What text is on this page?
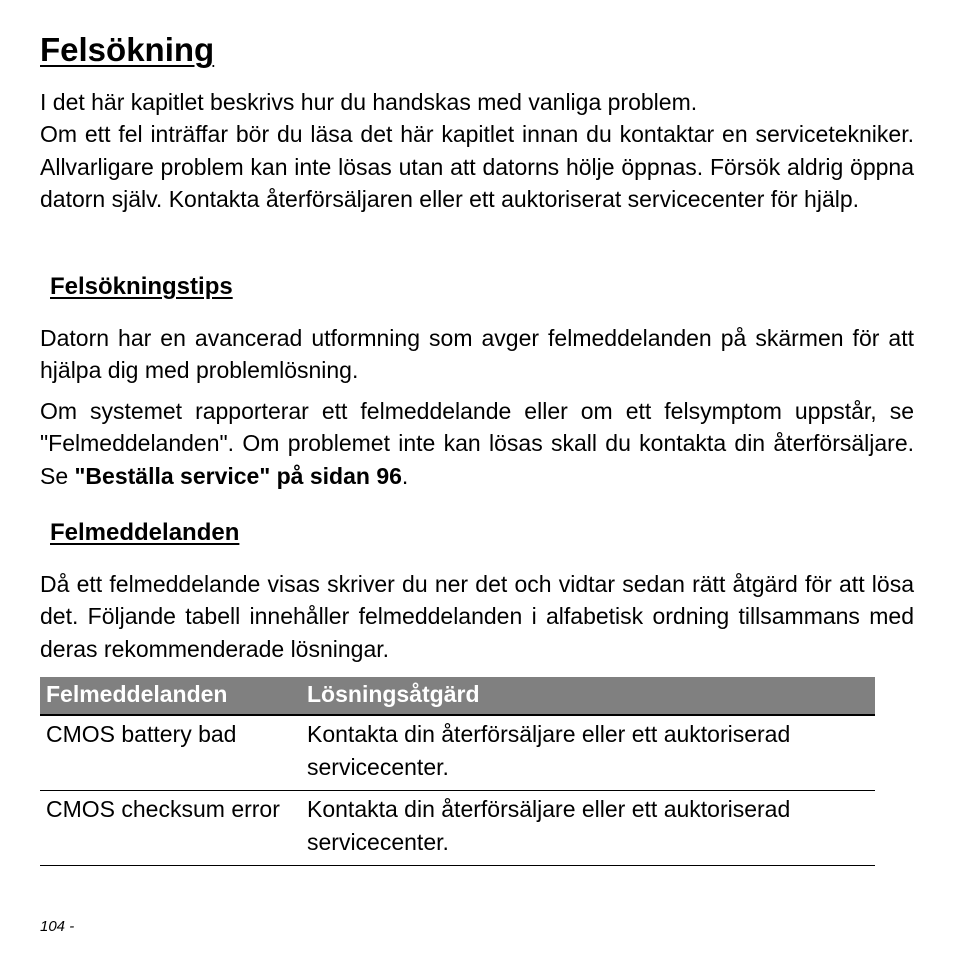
Felsökning

I det här kapitlet beskrivs hur du handskas med vanliga problem.
Om ett fel inträffar bör du läsa det här kapitlet innan du kontaktar en servicetekniker. Allvarligare problem kan inte lösas utan att datorns hölje öppnas. Försök aldrig öppna datorn själv. Kontakta återförsäljaren eller ett auktoriserat servicecenter för hjälp.

Felsökningstips

Datorn har en avancerad utformning som avger felmeddelanden på skärmen för att hjälpa dig med problemlösning.

Om systemet rapporterar ett felmeddelande eller om ett felsymptom uppstår, se "Felmeddelanden". Om problemet inte kan lösas skall du kontakta din återförsäljare. Se "Beställa service" på sidan 96.

Felmeddelanden

Då ett felmeddelande visas skriver du ner det och vidtar sedan rätt åtgärd för att lösa det. Följande tabell innehåller felmeddelanden i alfabetisk ordning tillsammans med deras rekommenderade lösningar.

Felmeddelanden	Lösningsåtgärd
CMOS battery bad	Kontakta din återförsäljare eller ett auktoriserad servicecenter.
CMOS checksum error	Kontakta din återförsäljare eller ett auktoriserad servicecenter.

104 -
